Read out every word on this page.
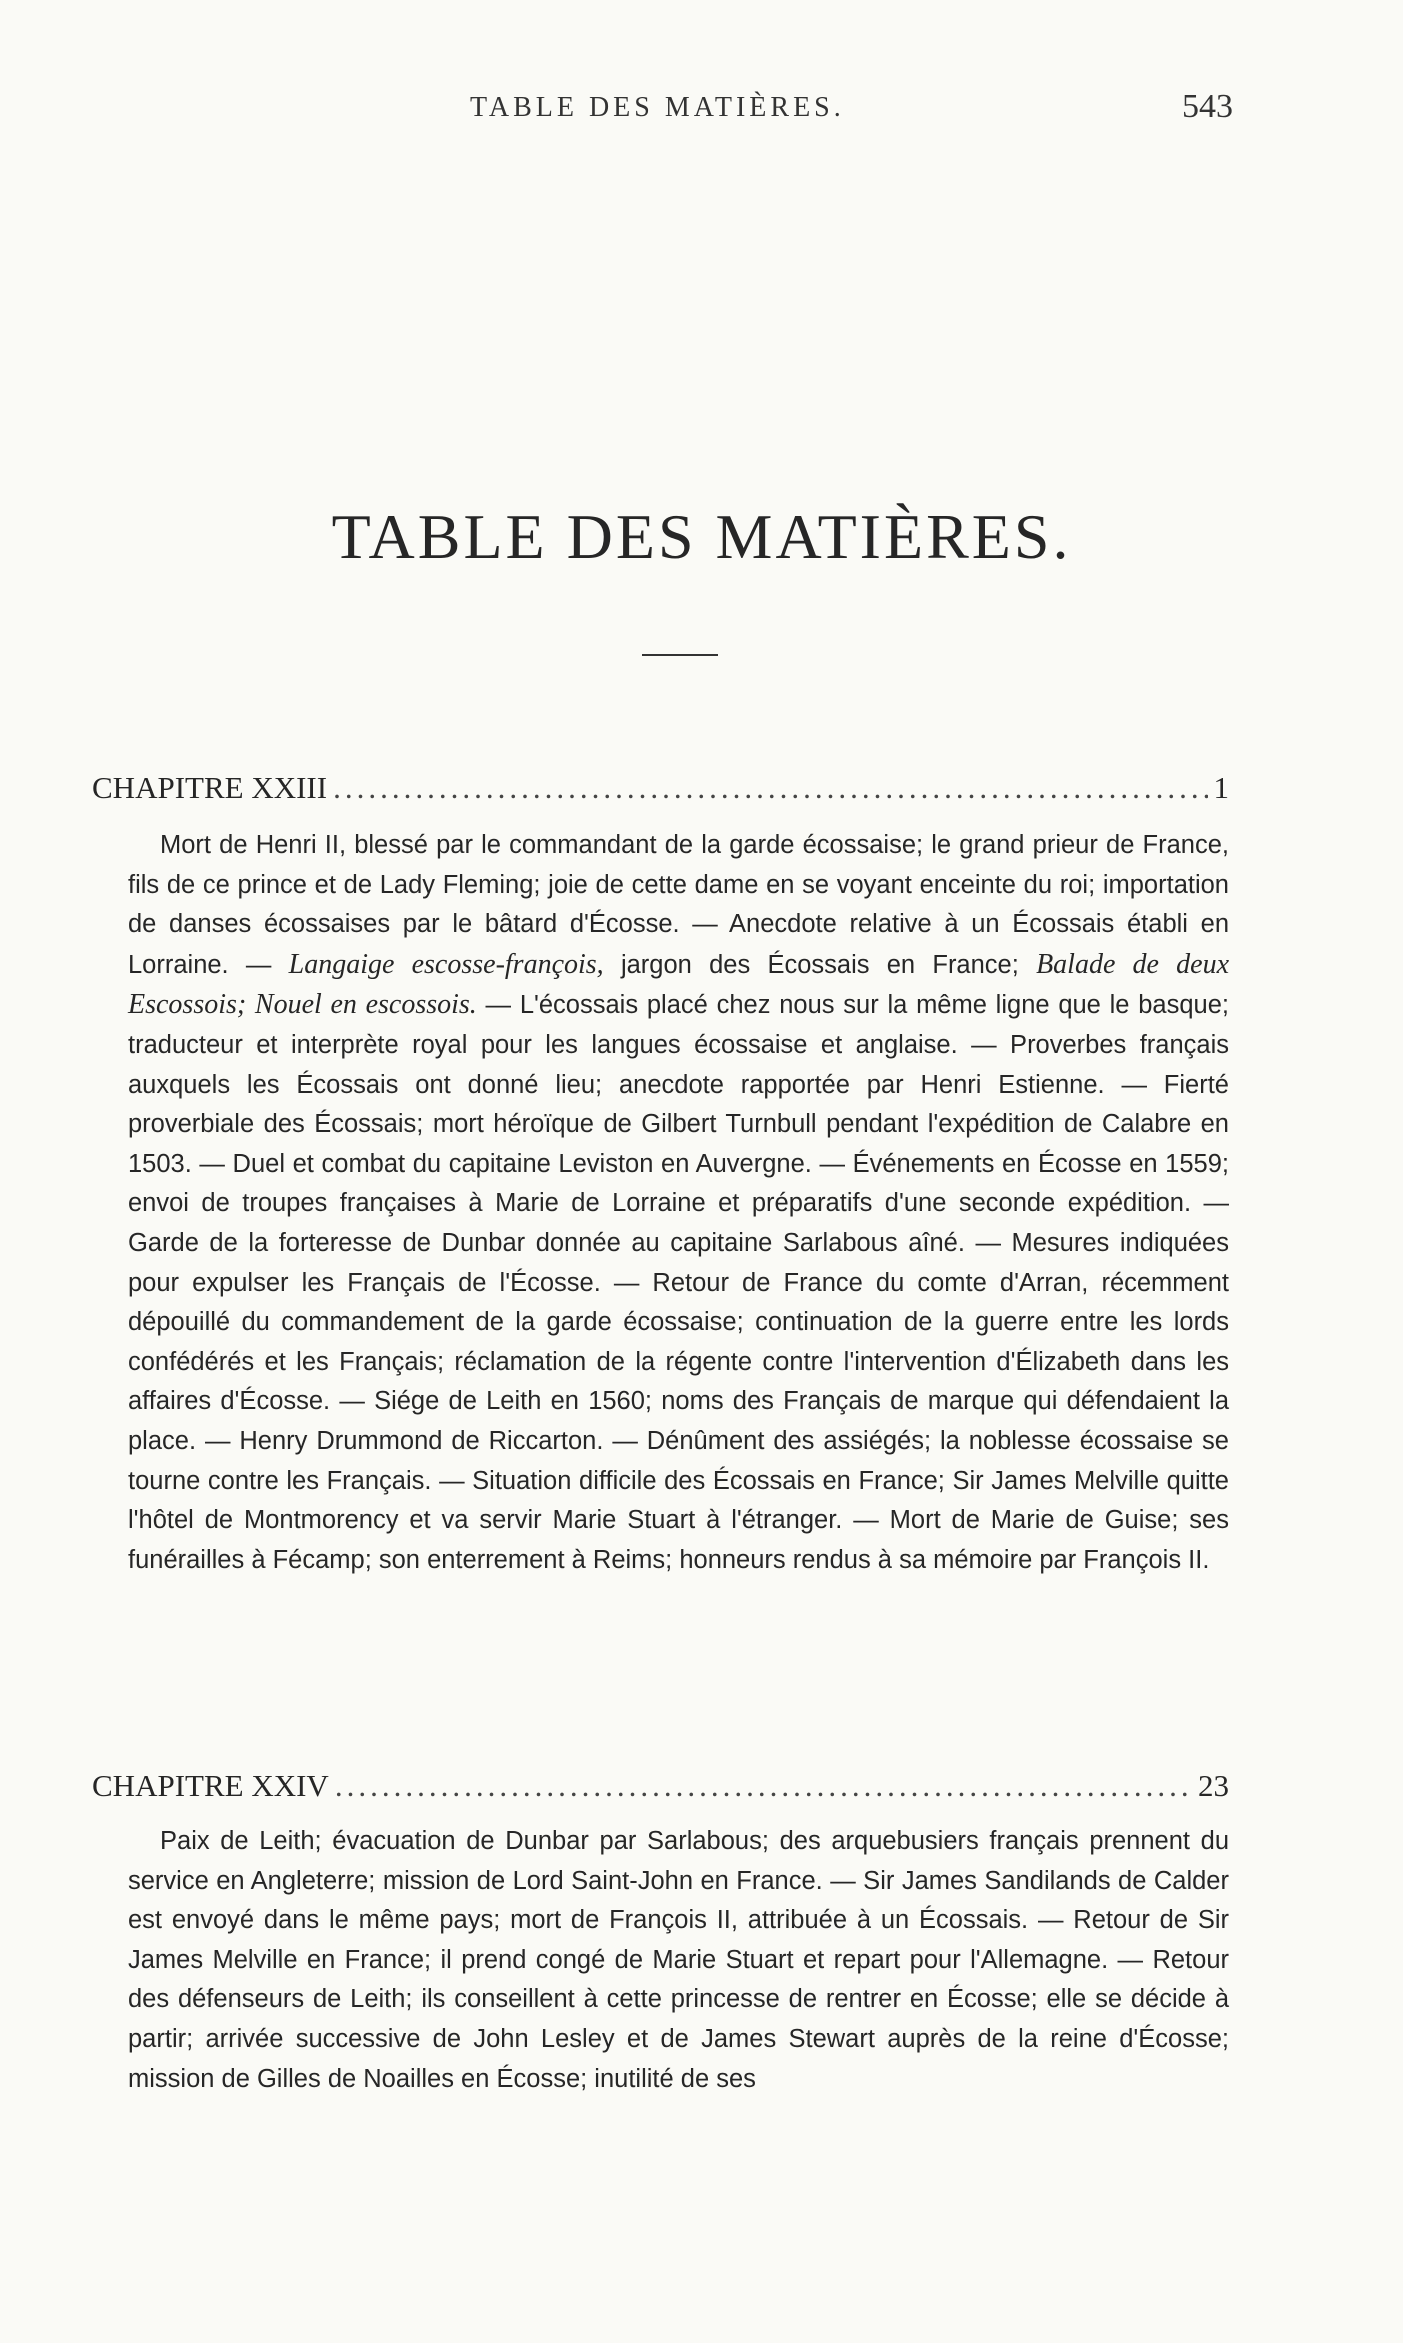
TABLE DES MATIÈRES.	543
TABLE DES MATIÈRES.
CHAPITRE XXIII .....	1

Mort de Henri II, blessé par le commandant de la garde écossaise; le grand prieur de France, fils de ce prince et de Lady Fleming; joie de cette dame en se voyant enceinte du roi; importation de danses écossaises par le bâtard d'Écosse. — Anecdote relative à un Écossais établi en Lorraine. — Langaige escosse-françois, jargon des Écossais en France; Balade de deux Escossois; Nouel en escossois. — L'écossais placé chez nous sur la même ligne que le basque; traducteur et interprète royal pour les langues écossaise et anglaise. — Proverbes français auxquels les Écossais ont donné lieu; anecdote rapportée par Henri Estienne. — Fierté proverbiale des Écossais; mort héroïque de Gilbert Turnbull pendant l'expédition de Calabre en 1503. — Duel et combat du capitaine Leviston en Auvergne. — Événements en Écosse en 1559; envoi de troupes françaises à Marie de Lorraine et préparatifs d'une seconde expédition. — Garde de la forteresse de Dunbar donnée au capitaine Sarlabous aîné. — Mesures indiquées pour expulser les Français de l'Écosse. — Retour de France du comte d'Arran, récemment dépouillé du commandement de la garde écossaise; continuation de la guerre entre les lords confédérés et les Français; réclamation de la régente contre l'intervention d'Élizabeth dans les affaires d'Écosse. — Siége de Leith en 1560; noms des Français de marque qui défendaient la place. — Henry Drummond de Riccarton. — Dénûment des assiégés; la noblesse écossaise se tourne contre les Français. — Situation difficile des Écossais en France; Sir James Melville quitte l'hôtel de Montmorency et va servir Marie Stuart à l'étranger. — Mort de Marie de Guise; ses funérailles à Fécamp; son enterrement à Reims; honneurs rendus à sa mémoire par François II.

CHAPITRE XXIV .....	23

Paix de Leith; évacuation de Dunbar par Sarlabous; des arquebusiers français prennent du service en Angleterre; mission de Lord Saint-John en France. — Sir James Sandilands de Calder est envoyé dans le même pays; mort de François II, attribuée à un Écossais. — Retour de Sir James Melville en France; il prend congé de Marie Stuart et repart pour l'Allemagne. — Retour des défenseurs de Leith; ils conseillent à cette princesse de rentrer en Écosse; elle se décide à partir; arrivée successive de John Lesley et de James Stewart auprès de la reine d'Écosse; mission de Gilles de Noailles en Écosse; inutilité de ses
